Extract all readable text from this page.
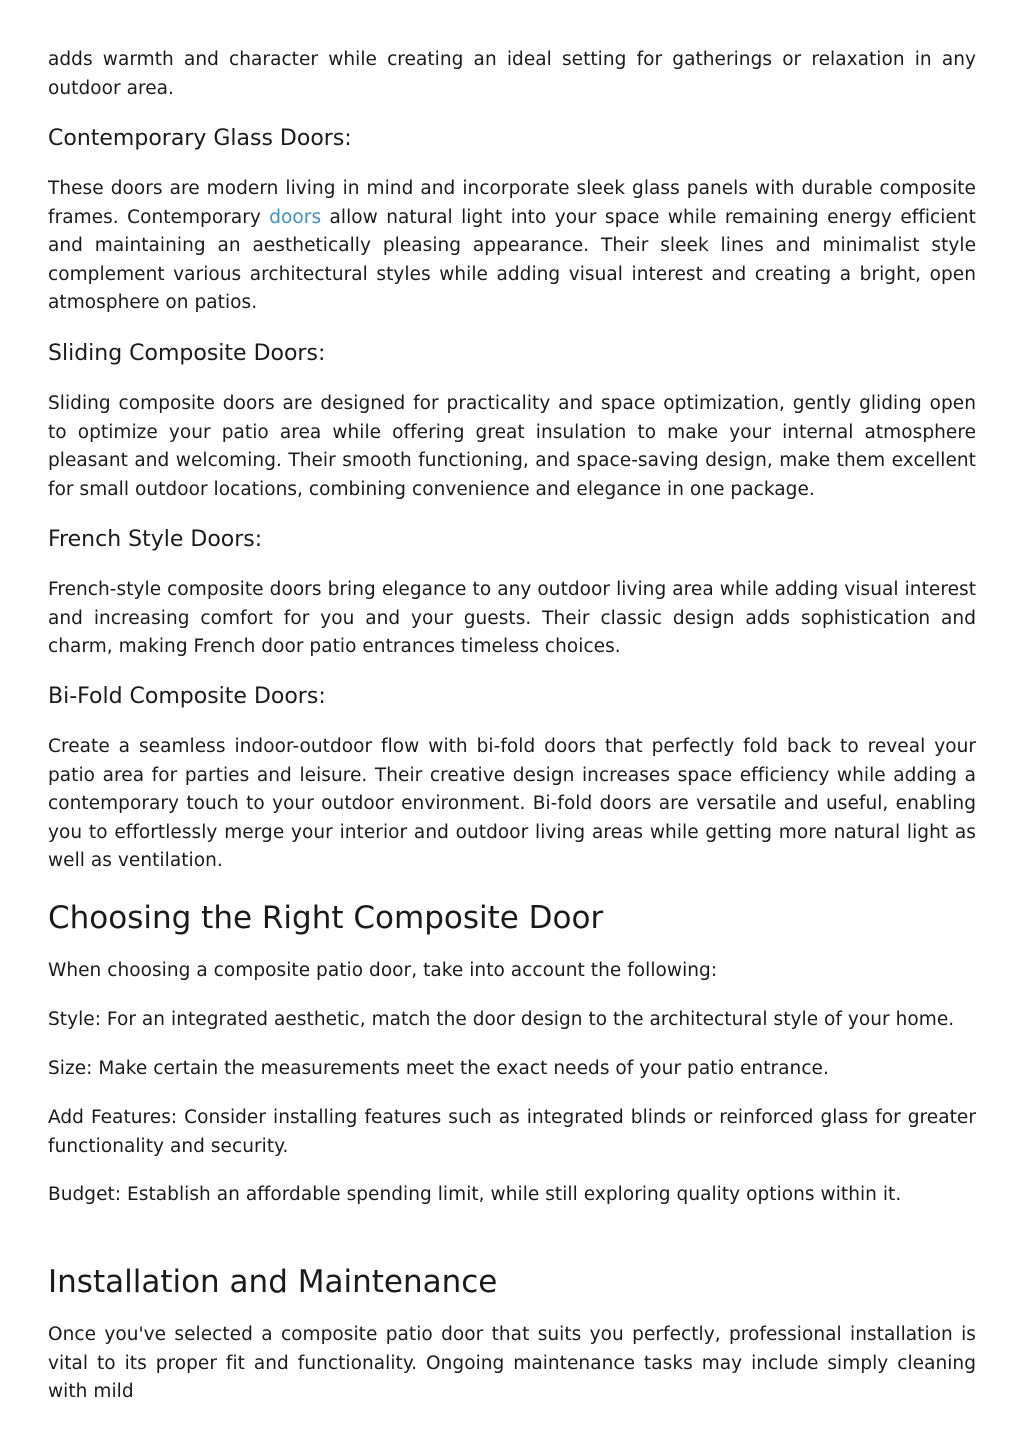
adds warmth and character while creating an ideal setting for gatherings or relaxation in any outdoor area.

Contemporary Glass Doors:

These doors are modern living in mind and incorporate sleek glass panels with durable composite frames. Contemporary doors allow natural light into your space while remaining energy efficient and maintaining an aesthetically pleasing appearance. Their sleek lines and minimalist style complement various architectural styles while adding visual interest and creating a bright, open atmosphere on patios.

Sliding Composite Doors:

Sliding composite doors are designed for practicality and space optimization, gently gliding open to optimize your patio area while offering great insulation to make your internal atmosphere pleasant and welcoming. Their smooth functioning, and space-saving design, make them excellent for small outdoor locations, combining convenience and elegance in one package.

French Style Doors:

French-style composite doors bring elegance to any outdoor living area while adding visual interest and increasing comfort for you and your guests. Their classic design adds sophistication and charm, making French door patio entrances timeless choices.

Bi-Fold Composite Doors:

Create a seamless indoor-outdoor flow with bi-fold doors that perfectly fold back to reveal your patio area for parties and leisure. Their creative design increases space efficiency while adding a contemporary touch to your outdoor environment. Bi-fold doors are versatile and useful, enabling you to effortlessly merge your interior and outdoor living areas while getting more natural light as well as ventilation.

Choosing the Right Composite Door

When choosing a composite patio door, take into account the following:

Style: For an integrated aesthetic, match the door design to the architectural style of your home.

Size: Make certain the measurements meet the exact needs of your patio entrance.

Add Features: Consider installing features such as integrated blinds or reinforced glass for greater functionality and security.

Budget: Establish an affordable spending limit, while still exploring quality options within it.

Installation and Maintenance

Once you've selected a composite patio door that suits you perfectly, professional installation is vital to its proper fit and functionality. Ongoing maintenance tasks may include simply cleaning with mild
